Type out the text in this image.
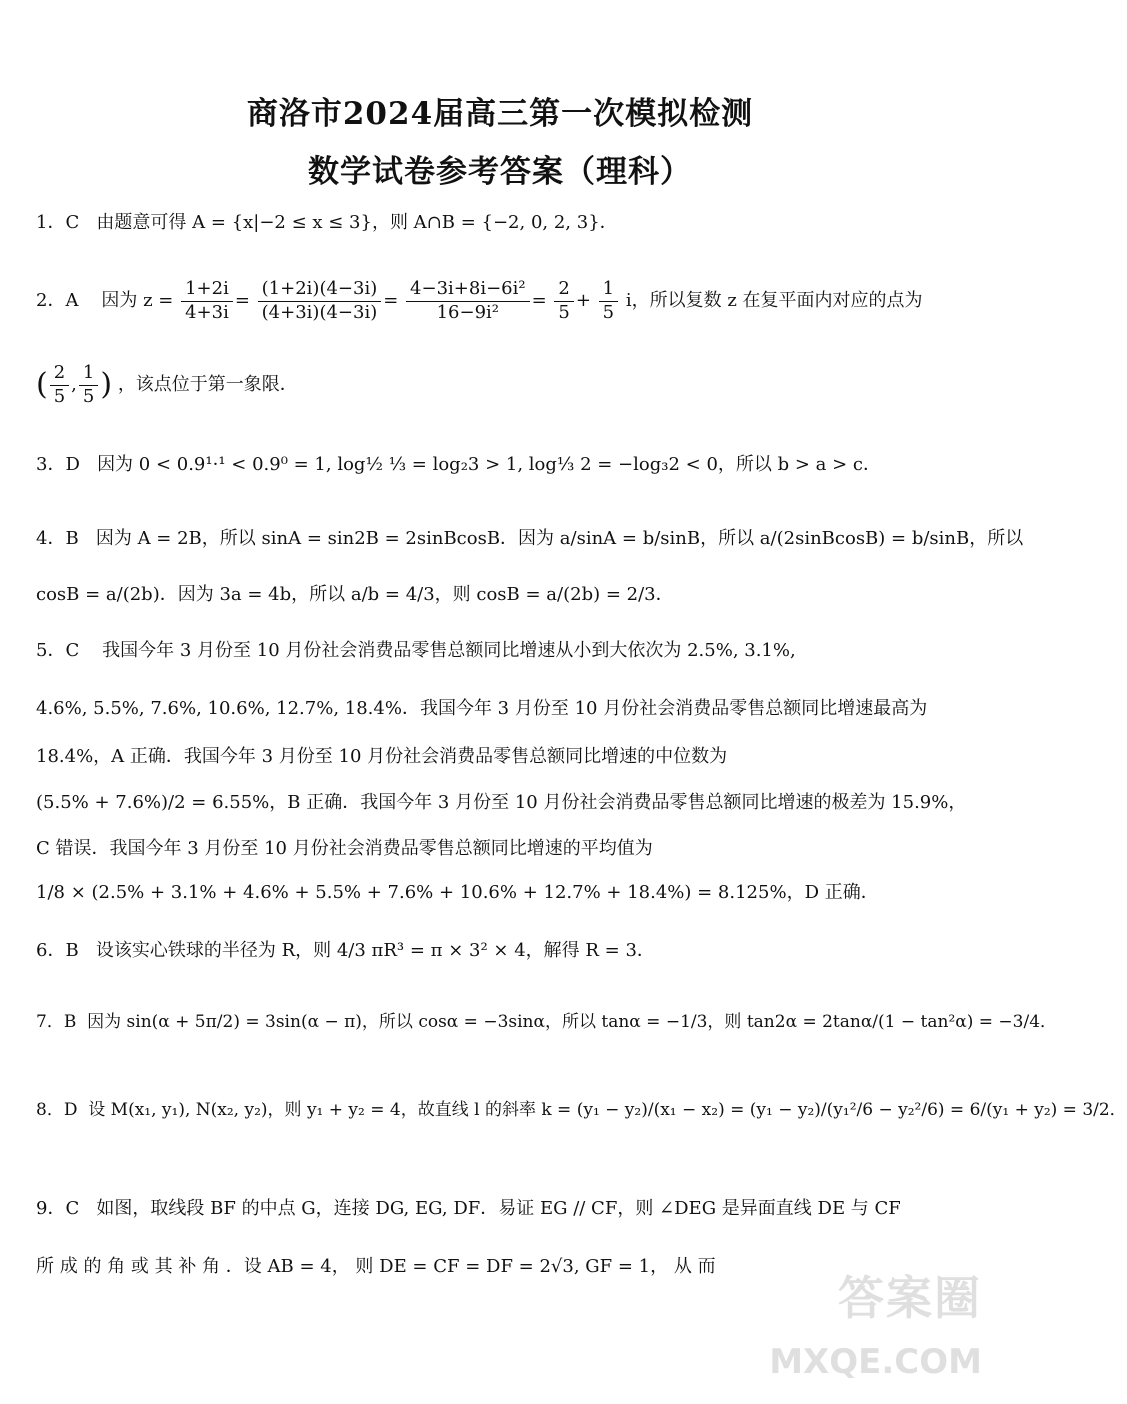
商洛市2024届高三第一次模拟检测
数学试卷参考答案（理科）
1．C 由题意可得 A = {x|−2 ≤ x ≤ 3}，则 A∩B = {−2, 0, 2, 3}．
2．A 因为 $z = \frac{1+2i}{4+3i} = \frac{(1+2i)(4-3i)}{(4+3i)(4-3i)} = \frac{\text{4−3i+8i−6i²}}{\text{16−9i²}} = \frac{2}{5} + \frac{1}{5}$ i，所以复数 z 在复平面内对应的点为
( $\frac{2}{5}$ , $\frac{1}{5}$ ) ，该点位于第一象限．
3．D 因为 0 < 0.9¹·¹ < 0.9⁰ = 1, log½ ⅓ = log₂3 > 1, log⅓ 2 = −log₃2 < 0，所以 b > a > c．
4．B 因为 A = 2B，所以 sinA = sin2B = 2sinBcosB．因为 a/sinA = b/sinB，所以 a/(2sinBcosB) = b/sinB，所以
cosB = a/(2b)．因为 3a = 4b，所以 a/b = 4/3，则 cosB = a/(2b) = 2/3．
5．C 我国今年 3 月份至 10 月份社会消费品零售总额同比增速从小到大依次为 2.5%, 3.1%,
4.6%, 5.5%, 7.6%, 10.6%, 12.7%, 18.4%．我国今年 3 月份至 10 月份社会消费品零售总额同比增速最高为
18.4%，A 正确．我国今年 3 月份至 10 月份社会消费品零售总额同比增速的中位数为
(5.5% + 7.6%)/2 = 6.55%，B 正确．我国今年 3 月份至 10 月份社会消费品零售总额同比增速的极差为 15.9%，
C 错误．我国今年 3 月份至 10 月份社会消费品零售总额同比增速的平均值为
1/8 × (2.5% + 3.1% + 4.6% + 5.5% + 7.6% + 10.6% + 12.7% + 18.4%) = 8.125%，D 正确．
6．B 设该实心铁球的半径为 R，则 4/3 πR³ = π × 3² × 4，解得 R = 3．
7．B 因为 sin(α + 5π/2) = 3sin(α − π)，所以 cosα = −3sinα，所以 tanα = −1/3，则 tan2α = 2tanα/(1 − tan²α) = −3/4．
8．D 设 M(x₁, y₁), N(x₂, y₂)，则 y₁ + y₂ = 4，故直线 l 的斜率 k = (y₁ − y₂)/(x₁ − x₂) = (y₁ − y₂)/(y₁²/6 − y₂²/6) = 6/(y₁ + y₂) = 3/2．
9．C 如图，取线段 BF 的中点 G，连接 DG, EG, DF．易证 EG // CF，则 ∠DEG 是异面直线 DE 与 CF
所 成 的 角 或 其 补 角 ．设 AB = 4， 则 DE = CF = DF = 2√3, GF = 1， 从 而
答案圈
MXQE.COM
